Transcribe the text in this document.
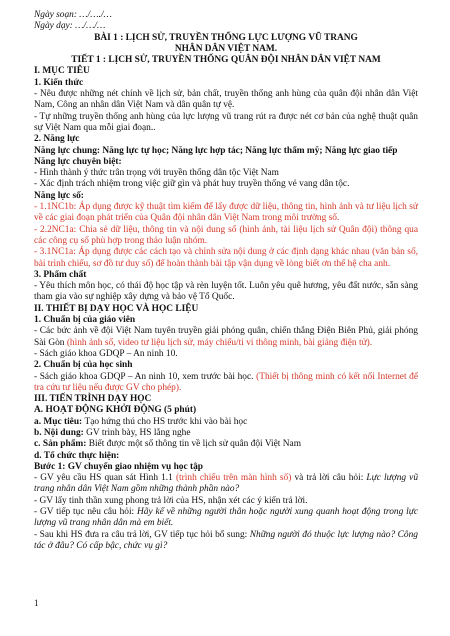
Ngày soạn: …/…./…

Ngày dạy: …/…/…

BÀI 1 : LỊCH SỬ, TRUYỀN THỐNG LỰC LƯỢNG VŨ TRANG

NHÂN DÂN VIỆT NAM.

TIẾT 1 : LỊCH SỬ, TRUYỀN THỐNG QUÂN ĐỘI NHÂN DÂN VIỆT NAM

I. MỤC TIÊU

1. Kiến thức

- Nêu được những nét chính về lịch sử, bản chất, truyền thống anh hùng của quân đội nhân dân Việt Nam, Công an nhân dân Việt Nam và dân quân tự vệ.

- Tự những truyền thống anh hùng của lực lượng vũ trang rút ra được nét cơ bản của nghệ thuật quân sự Việt Nam qua mỗi giai đoạn..

2. Năng lực

Năng lực chung: Năng lực tự học; Năng lực hợp tác; Năng lực thẩm mỹ; Năng lực giao tiếp

Năng lực chuyên biệt:

- Hình thành ý thức trân trọng với truyền thống dân tộc Việt Nam

- Xác định trách nhiệm trong việc giữ gìn và phát huy truyền thống vẻ vang dân tộc.

Năng lực số:

- 1.1NC1b: Áp dụng được kỹ thuật tìm kiếm để lấy được dữ liệu, thông tin, hình ảnh và tư liệu lịch sử về các giai đoạn phát triển của Quân đội nhân dân Việt Nam trong môi trường số.

- 2.2NC1a: Chia sẻ dữ liệu, thông tin và nội dung số (hình ảnh, tài liệu lịch sử Quân đội) thông qua các công cụ số phù hợp trong thảo luận nhóm.

- 3.1NC1a: Áp dụng được các cách tạo và chỉnh sửa nội dung ở các định dạng khác nhau (văn bản số, bài trình chiếu, sơ đồ tư duy số) để hoàn thành bài tập vận dụng về lòng biết ơn thế hệ cha anh.

3. Phẩm chất

- Yêu thích môn học, có thái độ học tập và rèn luyện tốt. Luôn yêu quê hương, yêu đất nước, sẵn sàng tham gia vào sự nghiệp xây dựng và bảo vệ Tổ Quốc.

II. THIẾT BỊ DẠY HỌC VÀ HỌC LIỆU

1. Chuẩn bị của giáo viên

- Các bức ảnh về đội Việt Nam tuyên truyền giải phóng quân, chiến thắng Điện Biên Phủ, giải phóng Sài Gòn (hình ảnh số, video tư liệu lịch sử, máy chiếu/ti vi thông minh, bài giảng điện tử).

- Sách giáo khoa GDQP – An ninh 10.

2. Chuẩn bị của học sinh

- Sách giáo khoa GDQP – An ninh 10, xem trước bài học. (Thiết bị thông minh có kết nối Internet để tra cứu tư liệu nếu được GV cho phép).

III. TIẾN TRÌNH DẠY HỌC

A. HOẠT ĐỘNG KHỞI ĐỘNG (5 phút)

a. Mục tiêu: Tạo hứng thú cho HS trước khi vào bài học

b. Nội dung: GV trình bày, HS lắng nghe

c. Sản phẩm: Biết được một số thông tin về lịch sử quân đội Việt Nam

d. Tổ chức thực hiện:

Bước 1: GV chuyển giao nhiệm vụ học tập

- GV yêu cầu HS quan sát Hình 1.1 (trình chiếu trên màn hình số) và trả lời câu hỏi: Lực lượng vũ trang nhân dân Việt Nam gồm những thành phần nào?

- GV lấy tinh thần xung phong trả lời của HS, nhận xét các ý kiến trả lời.

- GV tiếp tục nêu câu hỏi: Hãy kể về những người thân hoặc người xung quanh hoạt động trong lực lượng vũ trang nhân dân mà em biết.

- Sau khi HS đưa ra câu trả lời, GV tiếp tục hỏi bổ sung: Những người đó thuộc lực lượng nào? Công tác ở đâu? Có cấp bậc, chức vụ gì?

1
